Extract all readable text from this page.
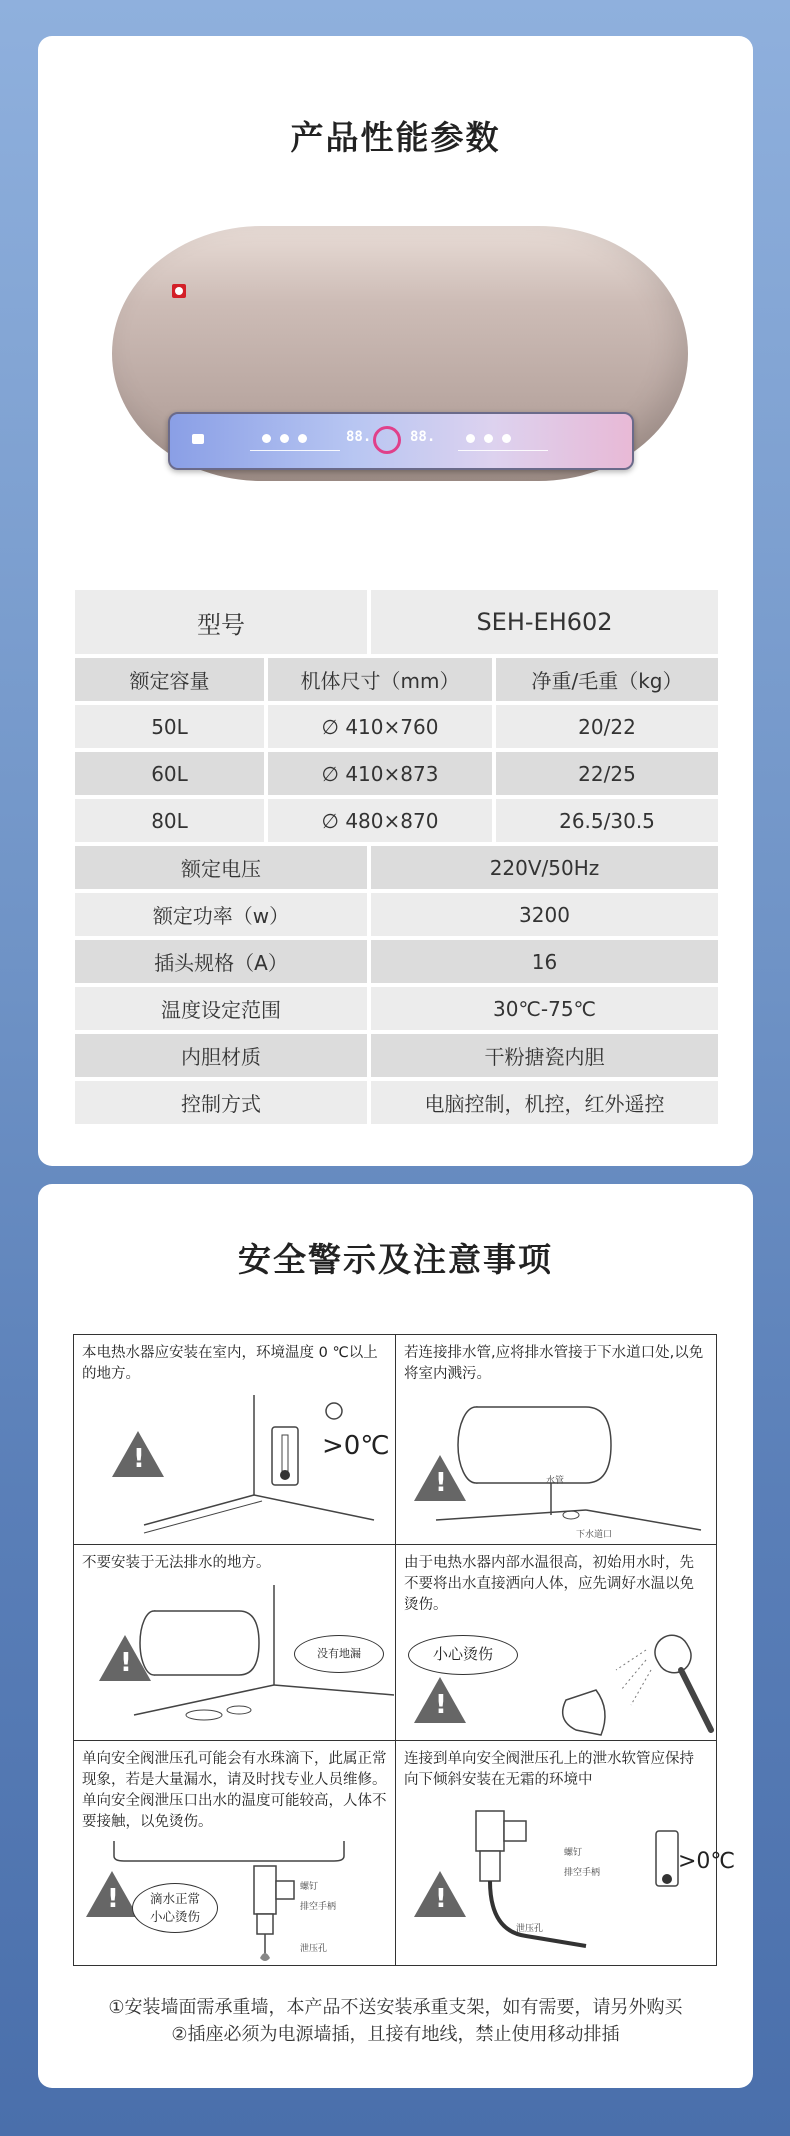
产品性能参数
88.	88.
型号	SEH-EH602
额定容量	机体尺寸（mm）	净重/毛重（kg）
50L	∅ 410×760	20/22
60L	∅ 410×873	22/25
80L	∅ 480×870	26.5/30.5
额定电压	220V/50Hz
额定功率（w）	3200
插头规格（A）	16
温度设定范围	30℃-75℃
内胆材质	干粉搪瓷内胆
控制方式	电脑控制，机控，红外遥控
安全警示及注意事项
本电热水器应安装在室内，环境温度 0 ℃以上的地方。
!
>0℃
若连接排水管,应将排水管接于下水道口处,以免将室内溅污。
!
水管
下水道口
不要安装于无法排水的地方。
!
没有地漏
由于电热水器内部水温很高，初始用水时，先不要将出水直接洒向人体，应先调好水温以免烫伤。
!
小心烫伤
单向安全阀泄压孔可能会有水珠滴下，此属正常现象，若是大量漏水，请及时找专业人员维修。单向安全阀泄压口出水的温度可能较高，人体不要接触，以免烫伤。
!
滴水正常
小心烫伤
螺钉
排空手柄
泄压孔
连接到单向安全阀泄压孔上的泄水软管应保持向下倾斜安装在无霜的环境中
!
螺钉
排空手柄
泄压孔
>0℃
①安装墙面需承重墙，本产品不送安装承重支架，如有需要，请另外购买
②插座必须为电源墙插，且接有地线，禁止使用移动排插
